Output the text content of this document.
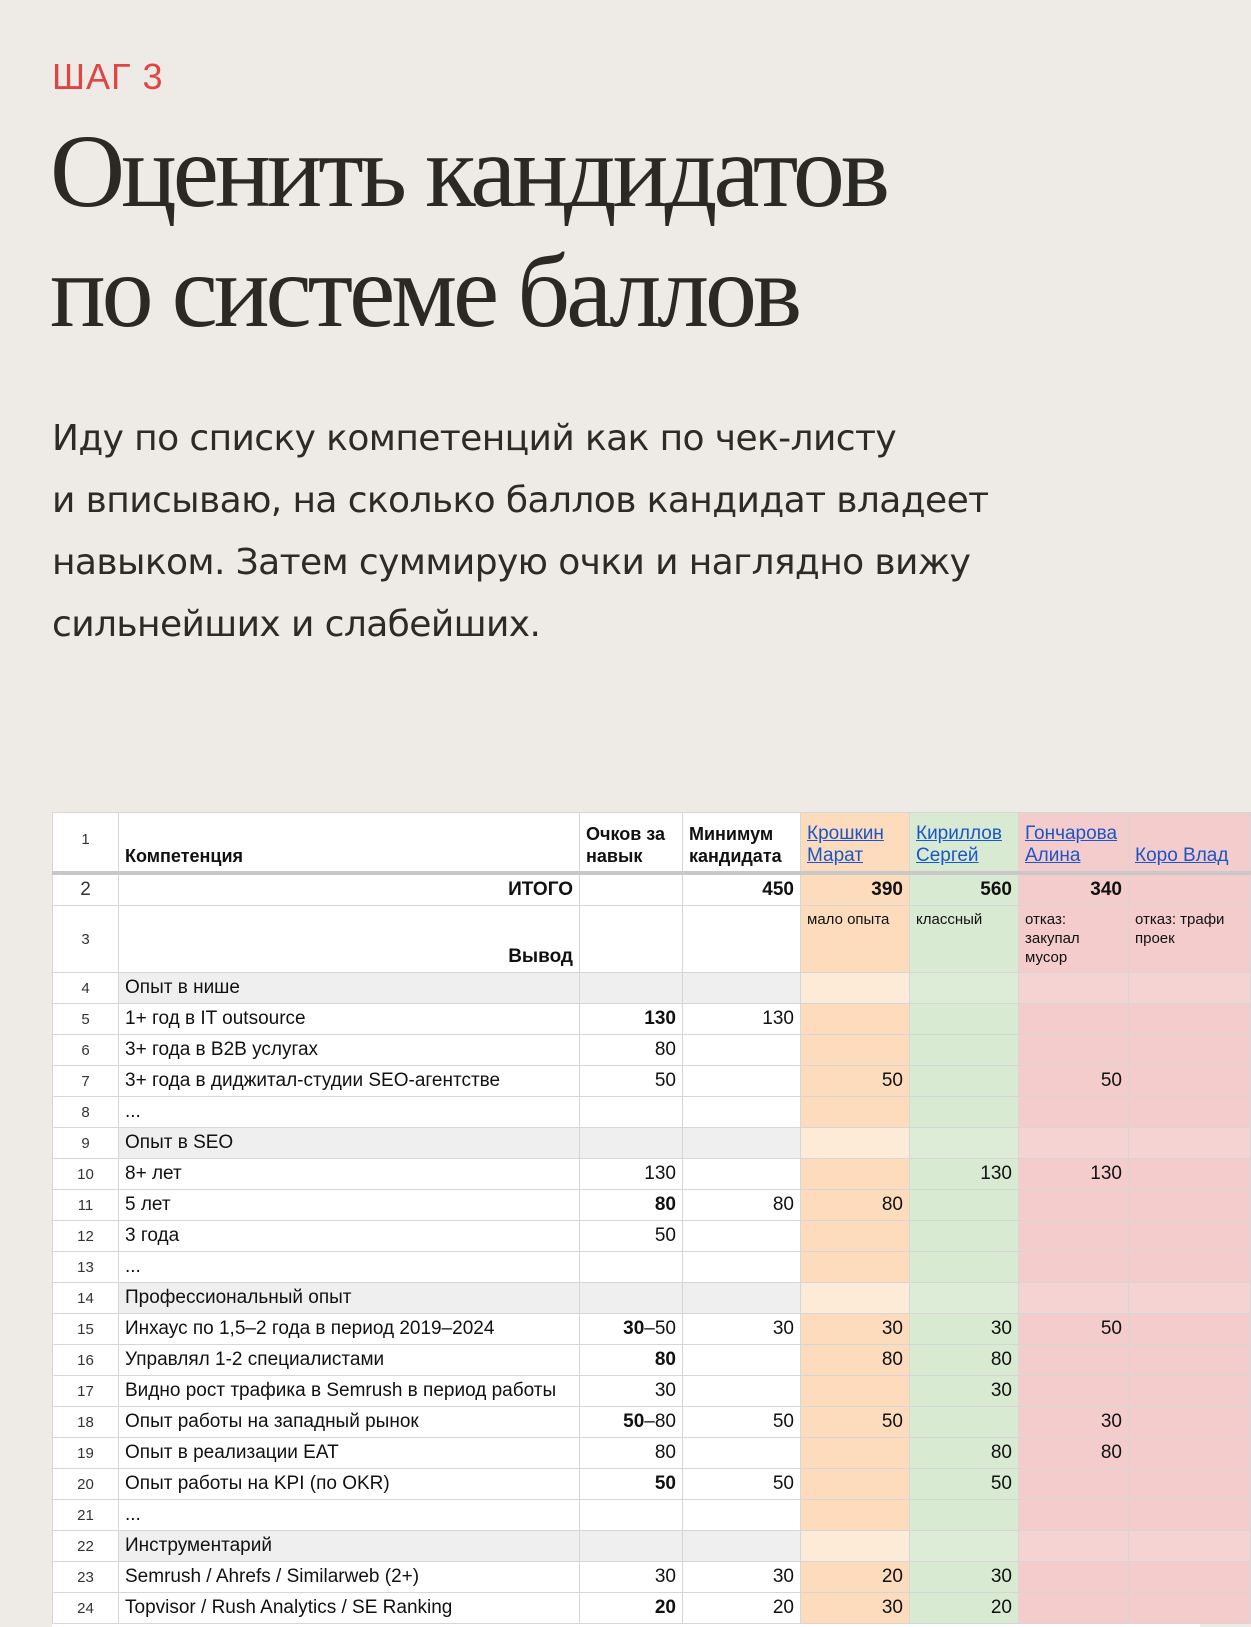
ШАГ 3
Оценить кандидатов
по системе баллов

Иду по списку компетенций как по чек-листу
и вписываю, на сколько баллов кандидат владеет
навыком. Затем суммирую очки и наглядно вижу
сильнейших и слабейших.

1	Компетенция	Очков за навык	Минимум кандидата	Крошкин Марат	Кириллов Сергей	Гончарова Алина	Коро Влад
2	ИТОГО		450	390	560	340	
3	Вывод			мало опыта	классный	отказ: закупал мусор	отказ: трафи проек
4	Опыт в нише						
5	1+ год в IT outsource	130	130				
6	3+ года в B2B услугах	80					
7	3+ года в диджитал-студии SEO-агентстве	50		50		50	
8	...						
9	Опыт в SEO						
10	8+ лет	130			130	130	
11	5 лет	80	80	80			
12	3 года	50					
13	...						
14	Профессиональный опыт						
15	Инхаус по 1,5–2 года в период 2019–2024	30–50	30	30	30	50	
16	Управлял 1-2 специалистами	80		80	80		
17	Видно рост трафика в Semrush в период работы	30			30		
18	Опыт работы на западный рынок	50–80	50	50		30	
19	Опыт в реализации EAT	80			80	80	
20	Опыт работы на KPI (по OKR)	50	50		50		
21	...						
22	Инструментарий						
23	Semrush / Ahrefs / Similarweb (2+)	30	30	20	30		
24	Topvisor / Rush Analytics / SE Ranking	20	20	30	20		
